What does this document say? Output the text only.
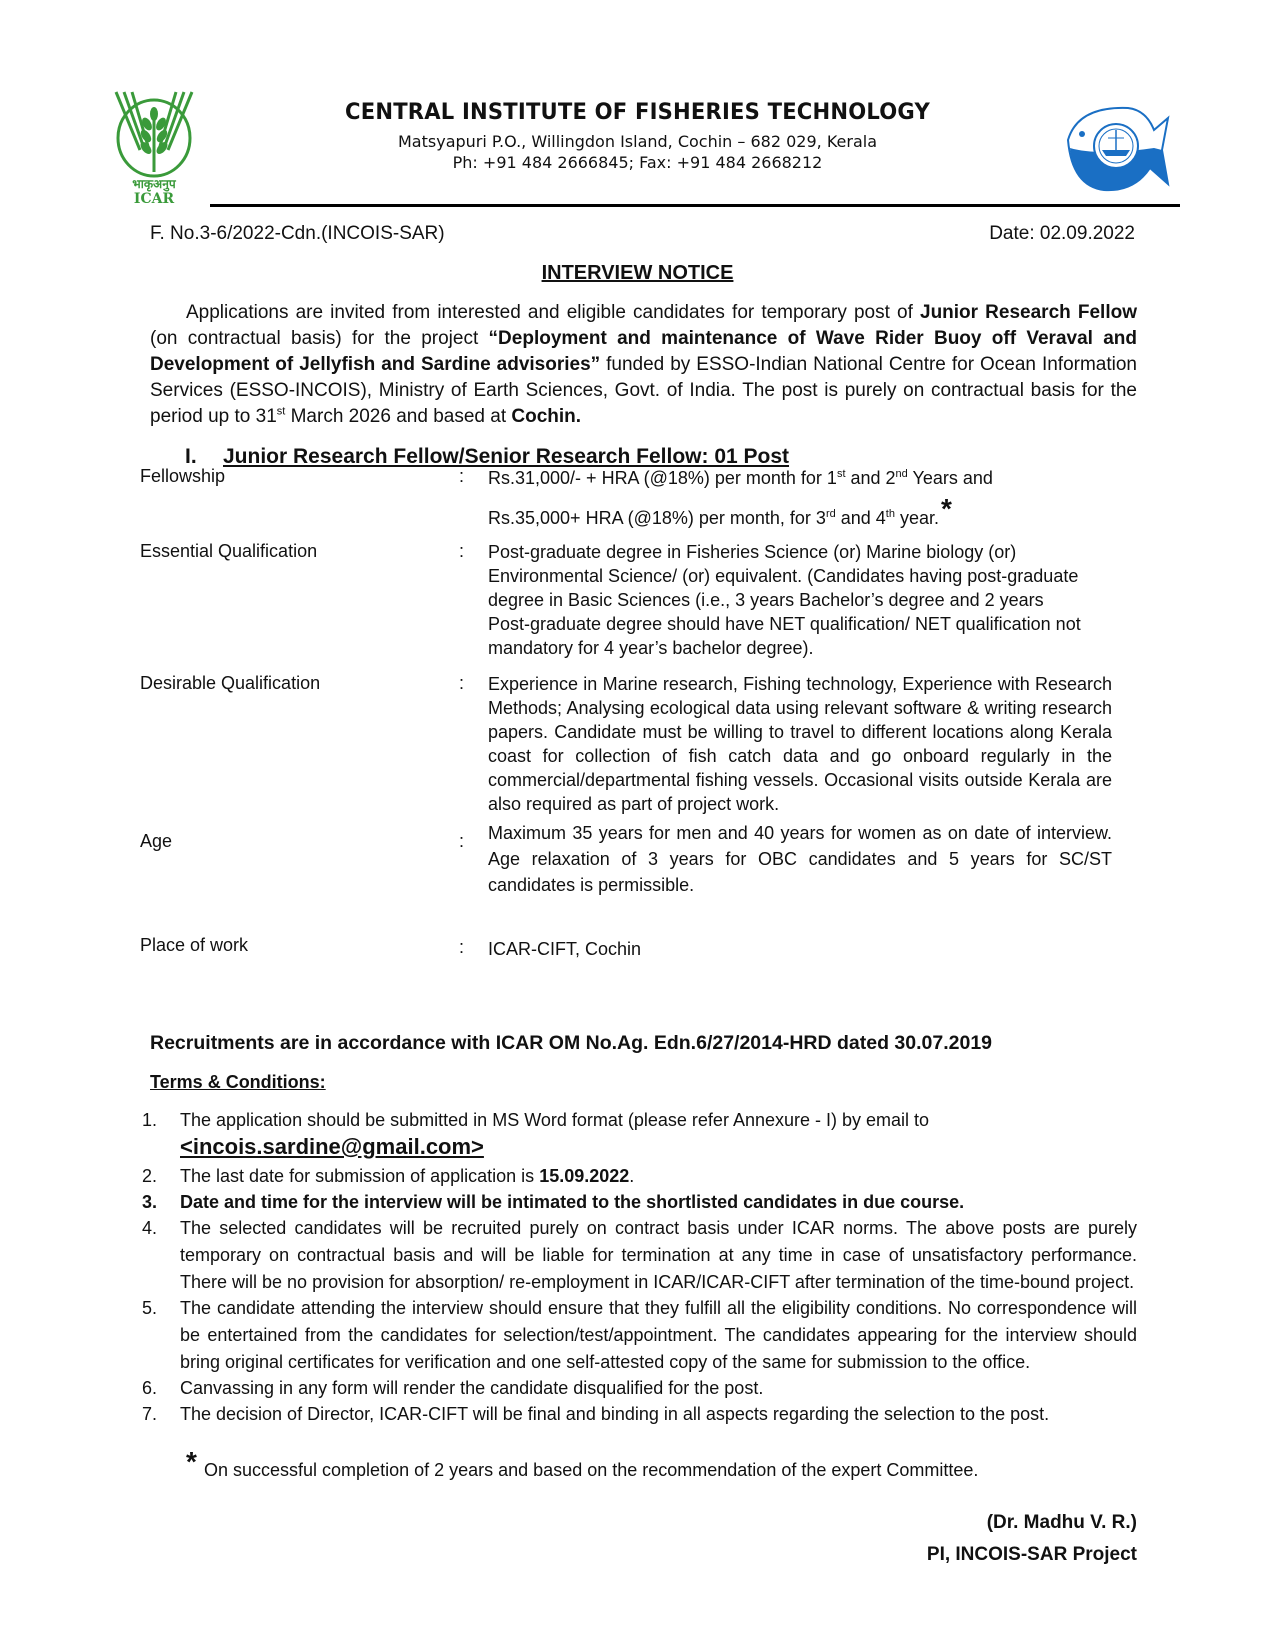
भाकृअनुप
ICAR
CENTRAL INSTITUTE OF FISHERIES TECHNOLOGY
Matsyapuri P.O., Willingdon Island, Cochin – 682 029, Kerala
Ph: +91 484 2666845; Fax: +91 484 2668212
F. No.3-6/2022-Cdn.(INCOIS-SAR)	Date: 02.09.2022
INTERVIEW NOTICE
Applications are invited from interested and eligible candidates for temporary post of Junior Research Fellow (on contractual basis) for the project “Deployment and maintenance of Wave Rider Buoy off Veraval and Development of Jellyfish and Sardine advisories” funded by ESSO-Indian National Centre for Ocean Information Services (ESSO-INCOIS), Ministry of Earth Sciences, Govt. of India. The post is purely on contractual basis for the period up to 31st March 2026 and based at Cochin.
I. Junior Research Fellow/Senior Research Fellow: 01 Post
Fellowship	: Rs.31,000/- + HRA (@18%) per month for 1st and 2nd Years and
Rs.35,000+ HRA (@18%) per month, for 3rd and 4th year.*
Essential Qualification	: Post-graduate degree in Fisheries Science (or) Marine biology (or) Environmental Science/ (or) equivalent. (Candidates having post-graduate degree in Basic Sciences (i.e., 3 years Bachelor’s degree and 2 years Post-graduate degree should have NET qualification/ NET qualification not mandatory for 4 year’s bachelor degree).
Desirable Qualification	: Experience in Marine research, Fishing technology, Experience with Research Methods; Analysing ecological data using relevant software & writing research papers. Candidate must be willing to travel to different locations along Kerala coast for collection of fish catch data and go onboard regularly in the commercial/departmental fishing vessels. Occasional visits outside Kerala are also required as part of project work.
Age	: Maximum 35 years for men and 40 years for women as on date of interview. Age relaxation of 3 years for OBC candidates and 5 years for SC/ST candidates is permissible.
Place of work	: ICAR-CIFT, Cochin
Recruitments are in accordance with ICAR OM No.Ag. Edn.6/27/2014-HRD dated 30.07.2019
Terms & Conditions:
1. The application should be submitted in MS Word format (please refer Annexure - I) by email to
<incois.sardine@gmail.com>
2. The last date for submission of application is 15.09.2022.
3. Date and time for the interview will be intimated to the shortlisted candidates in due course.
4. The selected candidates will be recruited purely on contract basis under ICAR norms. The above posts are purely temporary on contractual basis and will be liable for termination at any time in case of unsatisfactory performance. There will be no provision for absorption/ re-employment in ICAR/ICAR-CIFT after termination of the time-bound project.
5. The candidate attending the interview should ensure that they fulfill all the eligibility conditions. No correspondence will be entertained from the candidates for selection/test/appointment. The candidates appearing for the interview should bring original certificates for verification and one self-attested copy of the same for submission to the office.
6. Canvassing in any form will render the candidate disqualified for the post.
7. The decision of Director, ICAR-CIFT will be final and binding in all aspects regarding the selection to the post.
* On successful completion of 2 years and based on the recommendation of the expert Committee.
(Dr. Madhu V. R.)
PI, INCOIS-SAR Project
